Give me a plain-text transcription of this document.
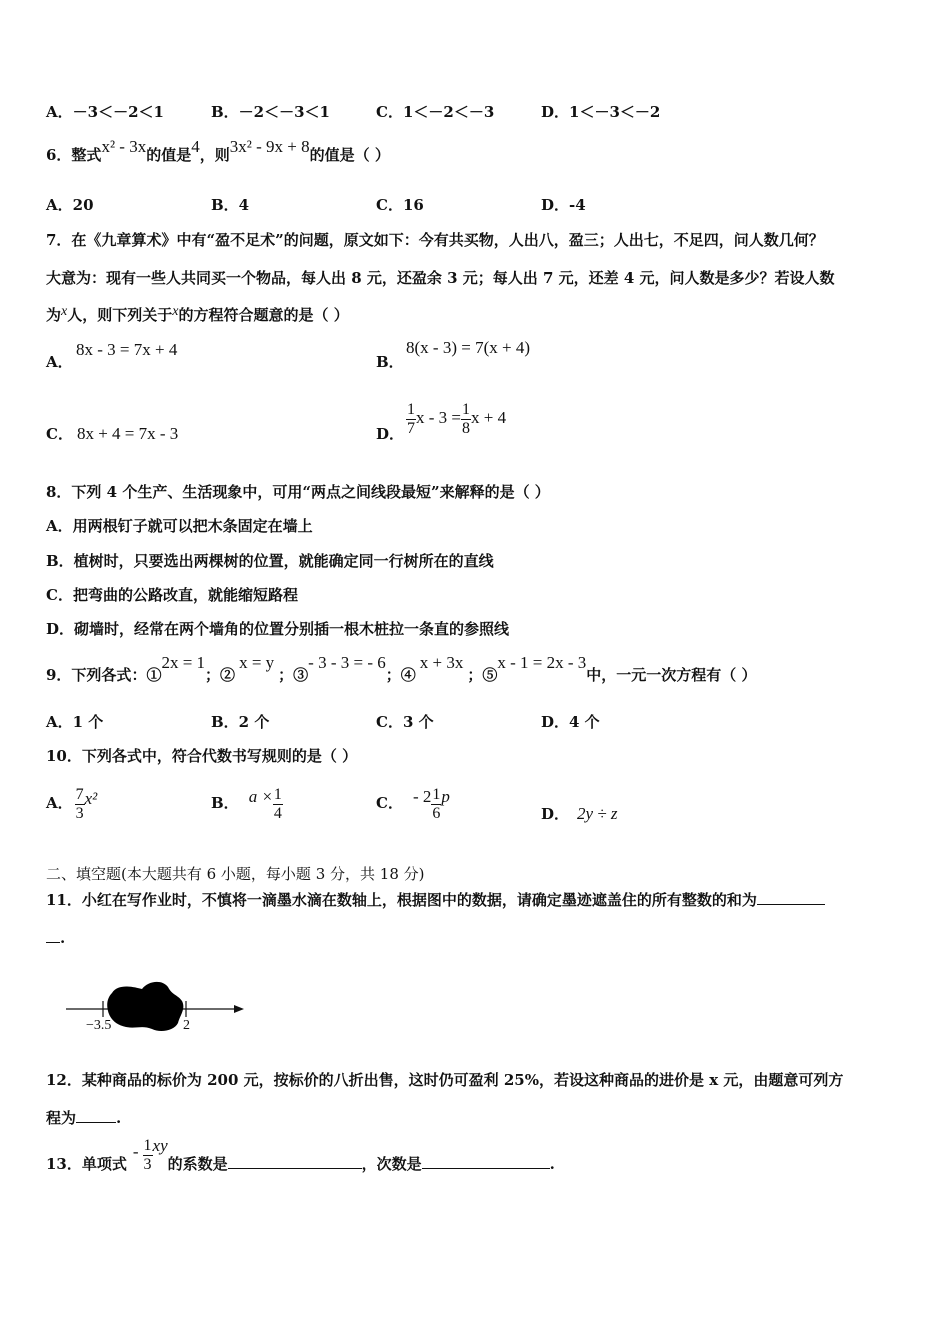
A．－3＜－2＜1	B．－2＜－3＜1	C．1＜－2＜－3	D．1＜－3＜－2
6．整式x² - 3x的值是4，则3x² - 9x + 8的值是（ ）
A．20	B．4	C．16	D．-4
7．在《九章算术》中有“盈不足术”的问题，原文如下：今有共买物，人出八，盈三；人出七，不足四，问人数几何？
大意为：现有一些人共同买一个物品，每人出 8 元，还盈余 3 元；每人出 7 元，还差 4 元，问人数是多少？若设人数
为x人，则下列关于x的方程符合题意的是（ ）
A．
8x - 3 = 7x + 4
B．
8(x - 3) = 7(x + 4)
C． 8x + 4 = 7x - 3	D． $\frac{1}{7}$ $x - 3 = \frac{1}{8}$ x + 4
8．下列 4 个生产、生活现象中，可用“两点之间线段最短”来解释的是（ ）
A．用两根钉子就可以把木条固定在墙上
B．植树时，只要选出两棵树的位置，就能确定同一行树所在的直线
C．把弯曲的公路改直，就能缩短路程
D．砌墙时，经常在两个墙角的位置分别插一根木桩拉一条直的参照线
9．下列各式：①2x = 1；②x = y；③- 3 - 3 = - 6；④x + 3x；⑤x - 1 = 2x - 3中，一元一次方程有（ ）
A．1 个	B．2 个	C．3 个	D．4 个
10．下列各式中，符合代数书写规则的是（ ）
A． $\frac{7}{3} x^2$	B． $a \times \frac{1}{4}$	C． - $2 \frac{1}{6}$ p
D． 2y ÷ z
二、填空题(本大题共有 6 小题，每小题 3 分，共 18 分)
11．小红在写作业时，不慎将一滴墨水滴在数轴上，根据图中的数据，请确定墨迹遮盖住的所有整数的和为
.
−3.5	2
12．某种商品的标价为 200 元，按标价的八折出售，这时仍可盈利 25%，若设这种商品的进价是 x 元，由题意可列方
程为	.
13．单项式- $\frac{1}{3}$ xy的系数是	，次数是	.
